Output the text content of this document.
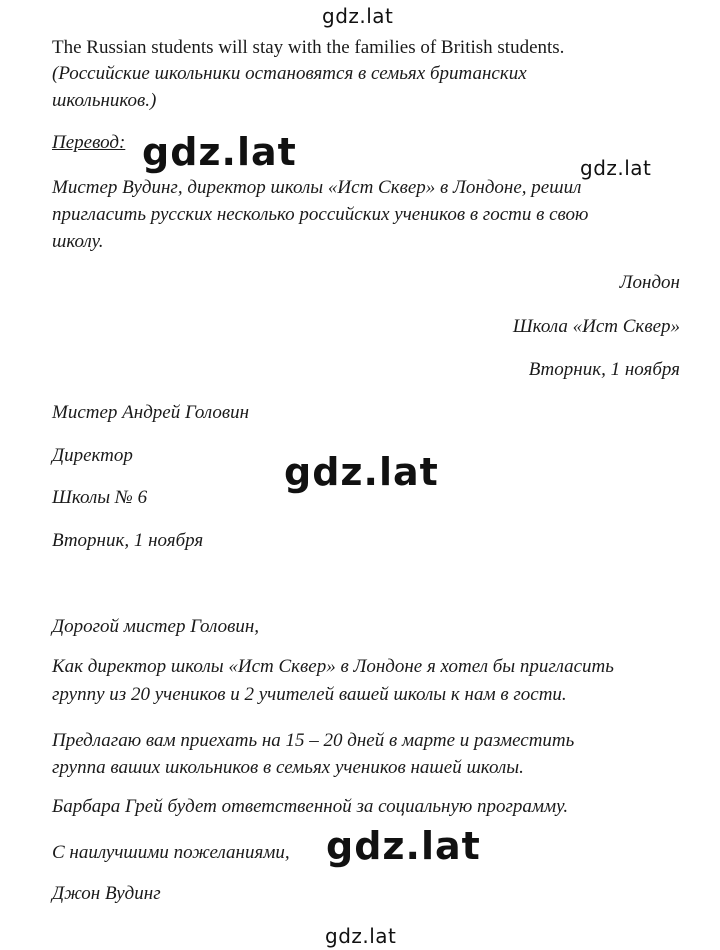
gdz.lat
gdz.lat
gdz.lat
gdz.lat
gdz.lat
gdz.lat
The Russian students will stay with the families of British students.
(Российские школьники остановятся в семьях британских
школьников.)
Перевод:
Мистер Вудинг, директор школы «Ист Сквер» в Лондоне, решил
пригласить русских несколько российских учеников в гости в свою
школу.
Лондон
Школа «Ист Сквер»
Вторник, 1 ноября
Мистер Андрей Головин
Директор
Школы № 6
Вторник, 1 ноября
Дорогой мистер Головин,
Как директор школы «Ист Сквер» в Лондоне я хотел бы пригласить
группу из 20 учеников и 2 учителей вашей школы к нам в гости.
Предлагаю вам приехать на 15 – 20 дней в марте и разместить
группа ваших школьников в семьях учеников нашей школы.
Барбара Грей будет ответственной за социальную программу.
С наилучшими пожеланиями,
Джон Вудинг
